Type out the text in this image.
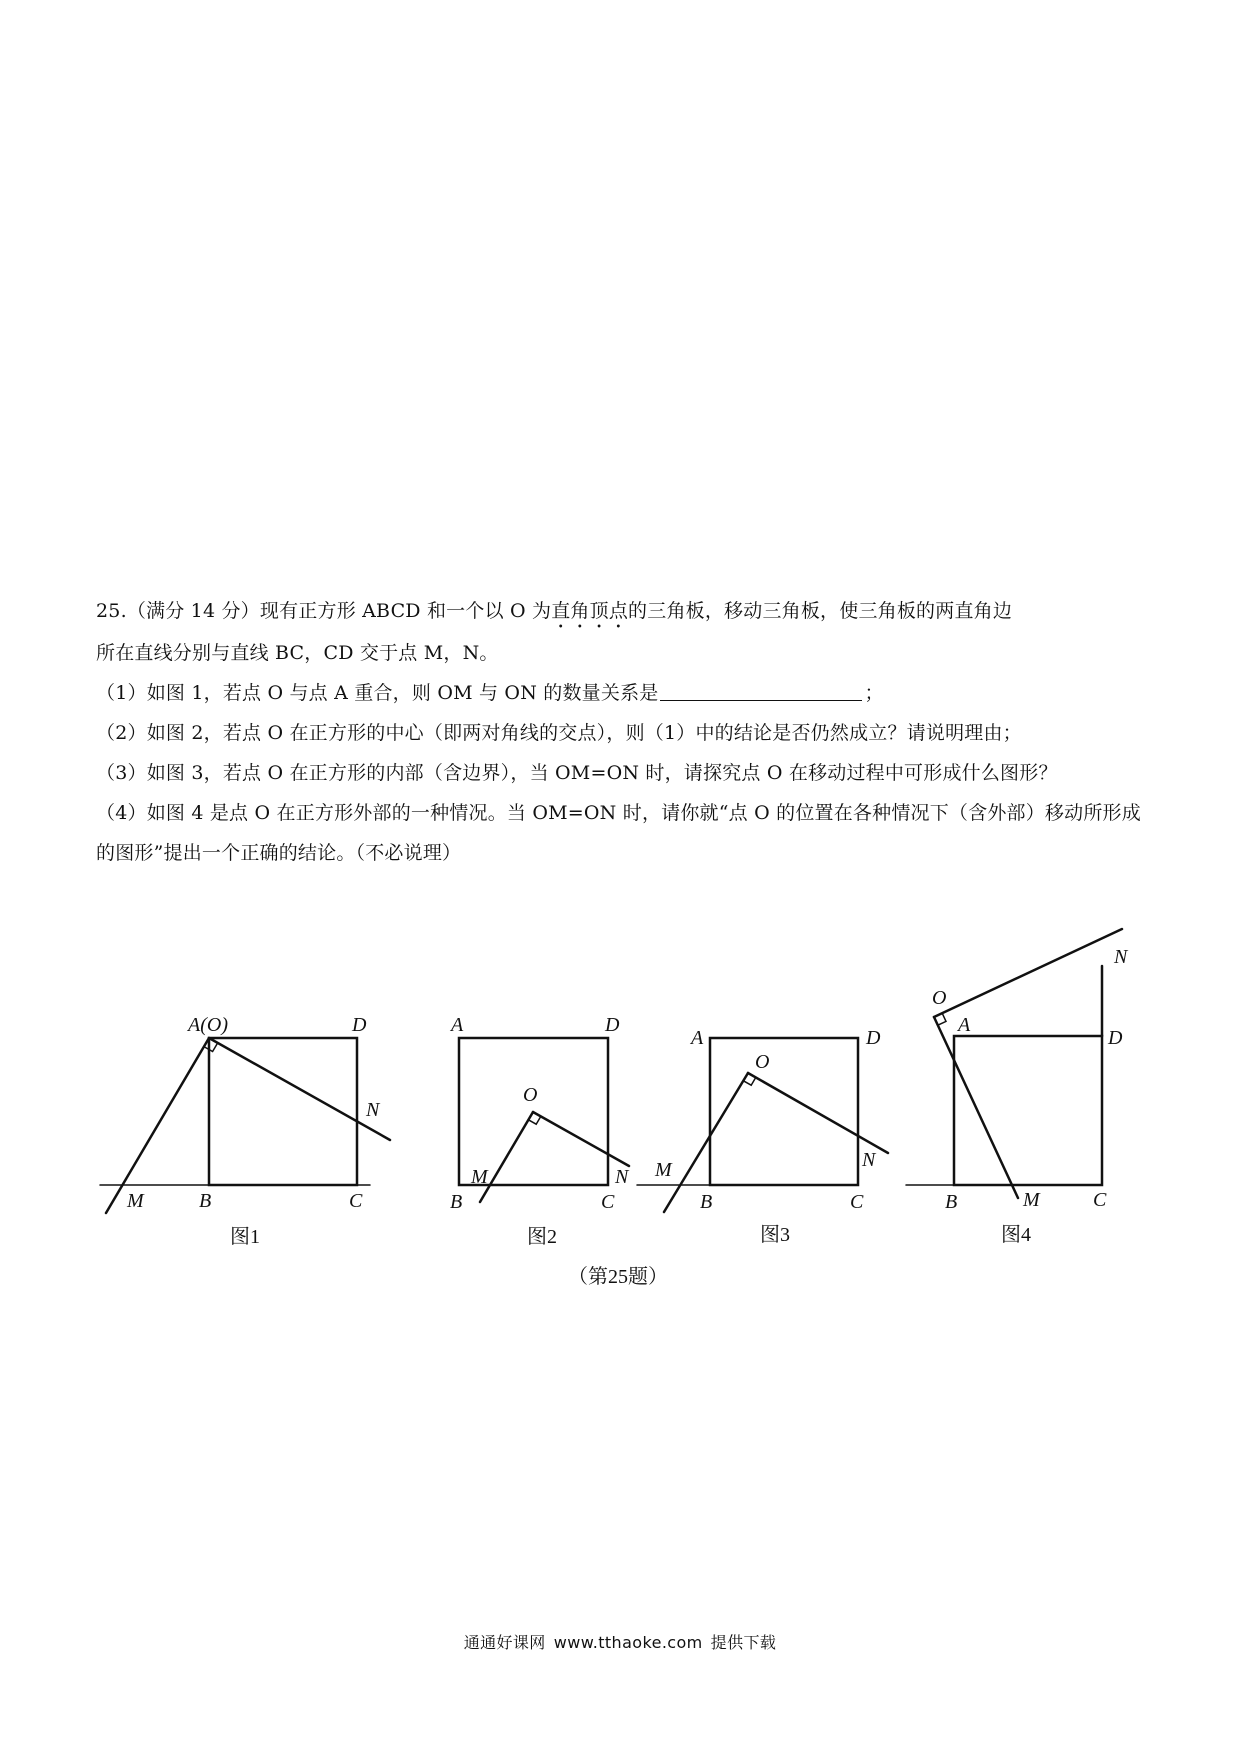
25.（满分 14 分）现有正方形 ABCD 和一个以 O 为直角顶点的三角板，移动三角板，使三角板的两直角边
所在直线分别与直线 BC，CD 交于点 M，N。
（1）如图 1，若点 O 与点 A 重合，则 OM 与 ON 的数量关系是	；
（2）如图 2，若点 O 在正方形的中心（即两对角线的交点），则（1）中的结论是否仍然成立？请说明理由；
（3）如图 3，若点 O 在正方形的内部（含边界），当 OM=ON 时，请探究点 O 在移动过程中可形成什么图形？
（4）如图 4 是点 O 在正方形外部的一种情况。当 OM=ON 时，请你就“点 O 的位置在各种情况下（含外部）移动所形成的图形”提出一个正确的结论。（不必说理）
A(O)	D
N
M	B	C
图1
A	D
O
M	N
B	C
图2
A	D
O
M	N
B	C
图3
O
A
N
D
B	M	C
图4
（第25题）
通通好课网 www.tthaoke.com 提供下载
